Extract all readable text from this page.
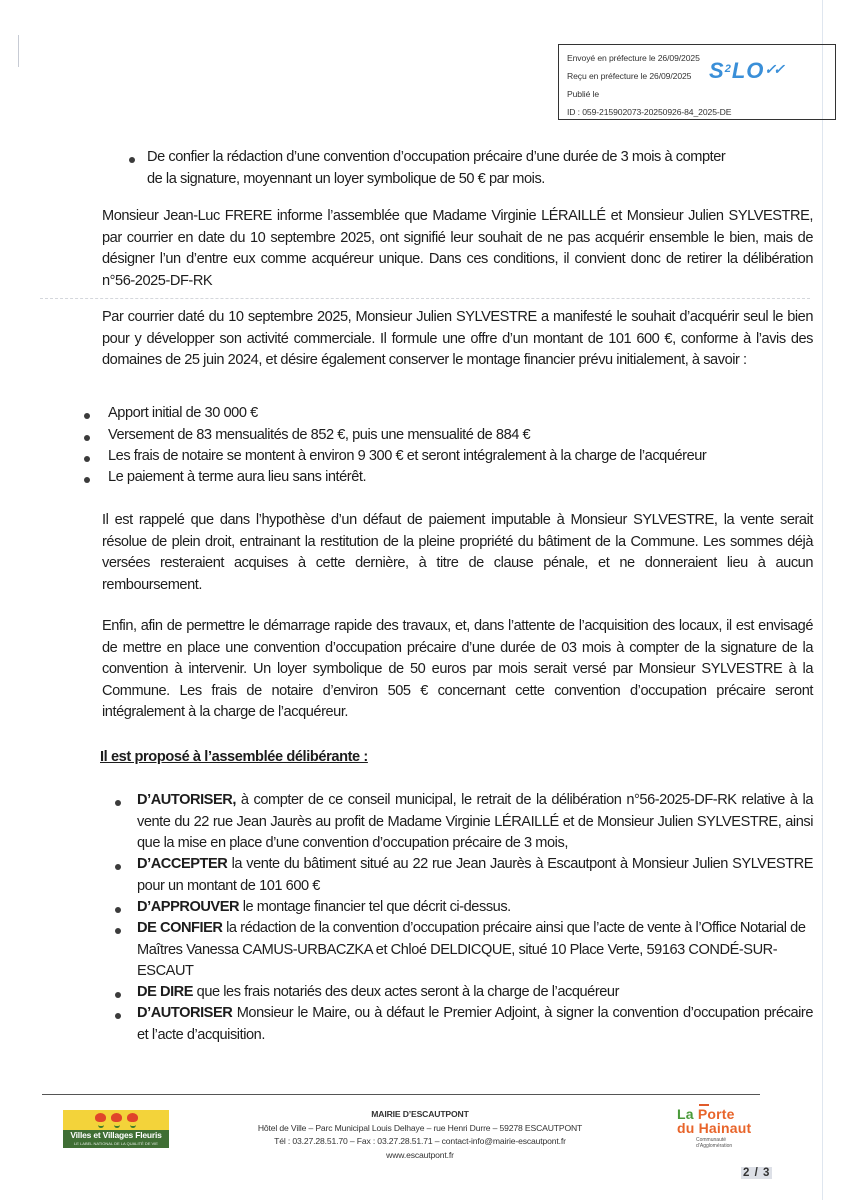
Envoyé en préfecture le 26/09/2025
Reçu en préfecture le 26/09/2025
Publié le
ID : 059-215902073-20250926-84_2025-DE
$S^2LO✓✓$
De confier la rédaction d’une convention d’occupation précaire d’une durée de 3 mois à compter
de la signature, moyennant un loyer symbolique de 50 € par mois.
Monsieur Jean-Luc FRERE informe l’assemblée que Madame Virginie LÉRAILLÉ et Monsieur Julien SYLVESTRE, par courrier en date du 10 septembre 2025, ont signifié leur souhait de ne pas acquérir ensemble le bien, mais de désigner l’un d’entre eux comme acquéreur unique. Dans ces conditions, il convient donc de retirer la délibération n°56-2025-DF-RK
Par courrier daté du 10 septembre 2025, Monsieur Julien SYLVESTRE a manifesté le souhait d’acquérir seul le bien pour y développer son activité commerciale. Il formule une offre d’un montant de 101 600 €, conforme à l’avis des domaines de 25 juin 2024, et désire également conserver le montage financier prévu initialement, à savoir :
Apport initial de 30 000 €
Versement de 83 mensualités de 852 €, puis une mensualité de 884 €
Les frais de notaire se montent à environ 9 300 € et seront intégralement à la charge de l’acquéreur
Le paiement à terme aura lieu sans intérêt.
Il est rappelé que dans l’hypothèse d’un défaut de paiement imputable à Monsieur SYLVESTRE, la vente serait résolue de plein droit, entrainant la restitution de la pleine propriété du bâtiment de la Commune. Les sommes déjà versées resteraient acquises à cette dernière, à titre de clause pénale, et ne donneraient lieu à aucun remboursement.
Enfin, afin de permettre le démarrage rapide des travaux, et, dans l’attente de l’acquisition des locaux, il est envisagé de mettre en place une convention d’occupation précaire d’une durée de 03 mois à compter de la signature de la convention à intervenir. Un loyer symbolique de 50 euros par mois serait versé par Monsieur SYLVESTRE à la Commune. Les frais de notaire d’environ 505 € concernant cette convention d’occupation précaire seront intégralement à la charge de l’acquéreur.
Il est proposé à l’assemblée délibérante :
D’AUTORISER, à compter de ce conseil municipal, le retrait de la délibération n°56-2025-DF-RK relative à la vente du 22 rue Jean Jaurès au profit de Madame Virginie LÉRAILLÉ et de Monsieur Julien SYLVESTRE, ainsi que la mise en place d’une convention d’occupation précaire de 3 mois,
D’ACCEPTER la vente du bâtiment situé au 22 rue Jean Jaurès à Escautpont à Monsieur Julien SYLVESTRE pour un montant de 101 600 €
D’APPROUVER le montage financier tel que décrit ci-dessus.
DE CONFIER la rédaction de la convention d’occupation précaire ainsi que l’acte de vente à l’Office Notarial de Maîtres Vanessa CAMUS-URBACZKA et Chloé DELDICQUE, situé 10 Place Verte, 59163 CONDÉ-SUR-ESCAUT
DE DIRE que les frais notariés des deux actes seront à la charge de l’acquéreur
D’AUTORISER Monsieur le Maire, ou à défaut le Premier Adjoint, à signer la convention d’occupation précaire et l’acte d’acquisition.
Villes et Villages Fleuris
LE LABEL NATIONAL DE LA QUALITÉ DE VIE
MAIRIE D’ESCAUTPONT
Hôtel de Ville – Parc Municipal Louis Delhaye – rue Henri Durre – 59278 ESCAUTPONT
Tél : 03.27.28.51.70 – Fax : 03.27.28.51.71 – contact-info@mairie-escautpont.fr
www.escautpont.fr
La Porte
du Hainaut
Communauté
d’Agglomération
2 / 3
